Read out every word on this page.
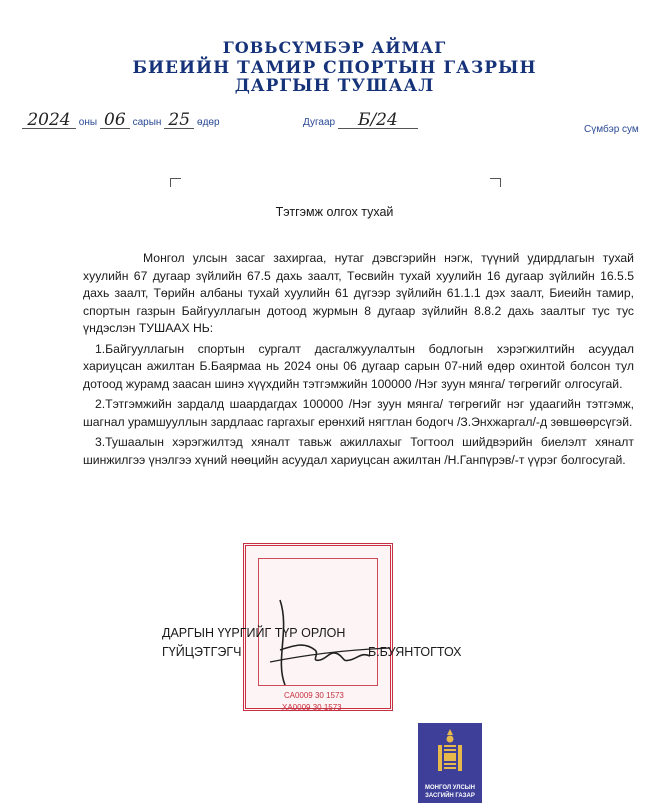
ГОВЬСҮМБЭР АЙМАГ
БИЕИЙН ТАМИР СПОРТЫН ГАЗРЫН
ДАРГЫН ТУШААЛ
2024 оны 06 сарын 25 өдөр	Дугаар Б/24	Сүмбэр сум
Тэтгэмж олгох тухай

Монгол улсын засаг захиргаа, нутаг дэвсгэрийн нэгж, түүний удирдлагын тухай хуулийн 67 дугаар зүйлийн 67.5 дахь заалт, Төсвийн тухай хуулийн 16 дугаар зүйлийн 16.5.5 дахь заалт, Төрийн албаны тухай хуулийн 61 дүгээр зүйлийн 61.1.1 дэх заалт, Биеийн тамир, спортын газрын Байгууллагын дотоод журмын 8 дугаар зүйлийн 8.8.2 дахь заалтыг тус тус үндэслэн ТУШААХ НЬ:

1.Байгууллагын спортын сургалт дасгалжуулалтын бодлогын хэрэгжилтийн асуудал хариуцсан ажилтан Б.Баярмаа нь 2024 оны 06 дугаар сарын 07-ний өдөр охинтой болсон тул дотоод журамд заасан шинэ хүүхдийн тэтгэмжийн 100000 /Нэг зуун мянга/ төгрөгийг олгосугай.

2.Тэтгэмжийн зардалд шаардагдах 100000 /Нэг зуун мянга/ төгрөгийг нэг удаагийн тэтгэмж, шагнал урамшууллын зардлаас гаргахыг ерөнхий нягтлан бодогч /З.Энхжаргал/-д зөвшөөрсүгэй.

3.Тушаалын хэрэгжилтэд хяналт тавьж ажиллахыг Тогтоол шийдвэрийн биелэлт хяналт шинжилгээ үнэлгээ хүний нөөцийн асуудал хариуцсан ажилтан /Н.Ганпүрэв/-т үүрэг болгосугай.

СА0009 30 1573
ХА0009 30 1573
ДАРГЫН ҮҮРГИЙГ ТҮР ОРЛОН
ГҮЙЦЭТГЭГЧ	Б.БУЯНТОГТОХ
МОНГОЛ УЛСЫН
ЗАСГИЙН ГАЗАР
